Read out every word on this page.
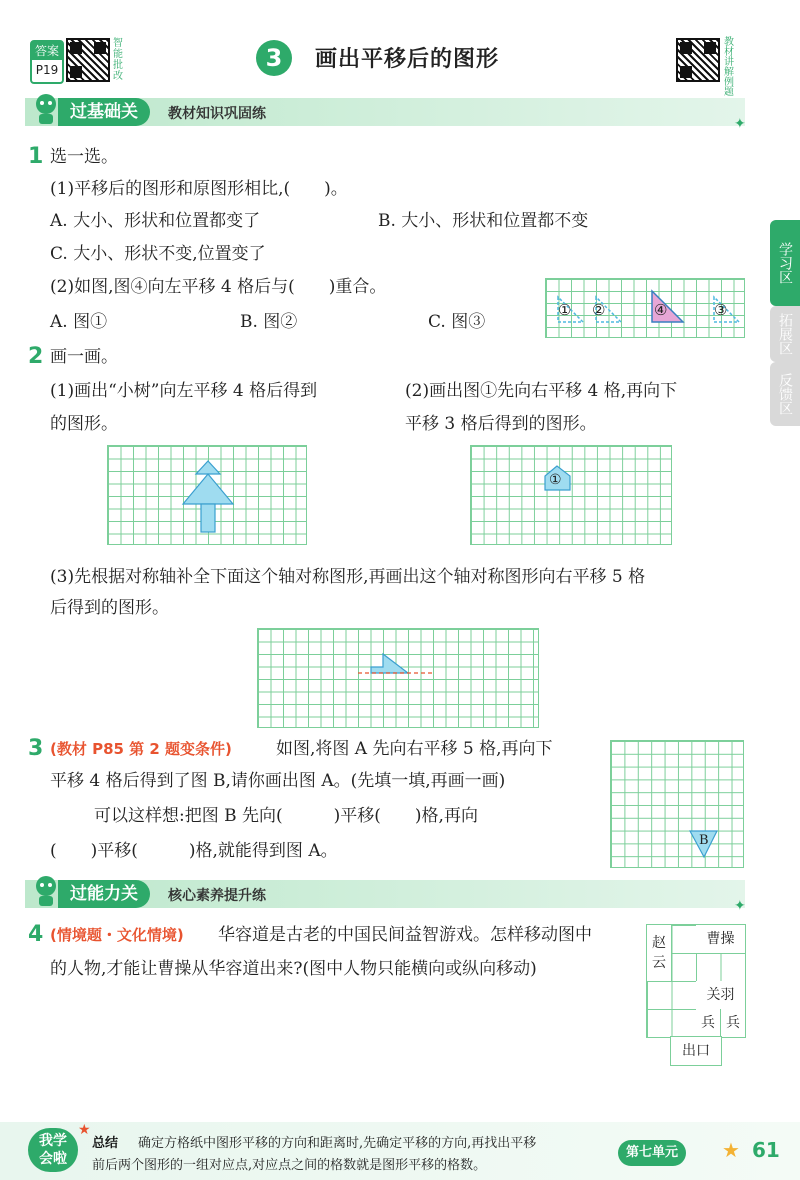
答案
P19
智能批改
3	画出平移后的图形
教材讲解例题
过基础关	教材知识巩固练
✦
学习区
拓展区
反馈区
1 选一选。
(1)平移后的图形和原图形相比,(　　)。
A. 大小、形状和位置都变了	B. 大小、形状和位置都不变
C. 大小、形状不变,位置变了
(2)如图,图④向左平移 4 格后与(　　)重合。
A. 图①	B. 图②	C. 图③
① ②	④	③
2 画一画。
(1)画出“小树”向左平移 4 格后得到
的图形。
(2)画出图①先向右平移 4 格,再向下
平移 3 格后得到的图形。
①
(3)先根据对称轴补全下面这个轴对称图形,再画出这个轴对称图形向右平移 5 格
后得到的图形。
3 (教材 P85 第 2 题变条件)	如图,将图 A 先向右平移 5 格,再向下
平移 4 格后得到了图 B,请你画出图 A。(先填一填,再画一画)
可以这样想:把图 B 先向(　　　)平移(　　)格,再向
(　　)平移(　　　)格,就能得到图 A。
B
过能力关	核心素养提升练
✦
4 (情境题・文化情境) 华容道是古老的中国民间益智游戏。怎样移动图中
的人物,才能让曹操从华容道出来?(图中人物只能横向或纵向移动)
赵云
曹操
关羽
兵 兵
出口
我学会啦
★
总结 确定方格纸中图形平移的方向和距离时,先确定平移的方向,再找出平移
前后两个图形的一组对应点,对应点之间的格数就是图形平移的格数。
第七单元	★ 61
